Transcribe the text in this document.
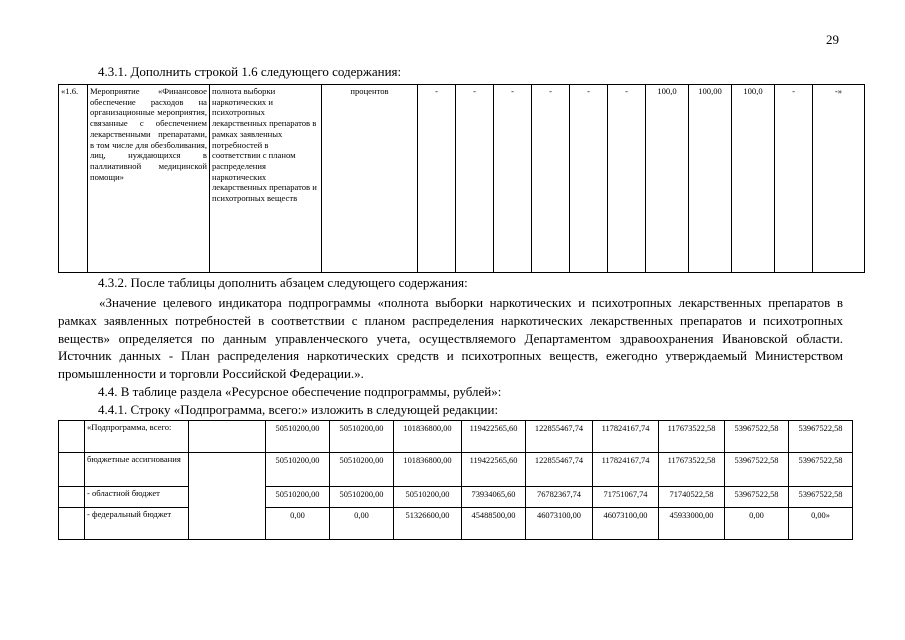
29
4.3.1. Дополнить строкой 1.6 следующего содержания:
«1.6.	Мероприятие «Финансовое обеспечение расходов на организационные мероприятия, связанные с обеспечением лекарственными препаратами, в том числе для обезболивания, лиц, нуждающихся в паллиативной медицинской помощи»	полнота выборки наркотических и психотропных лекарственных препаратов в рамках заявленных потребностей в соответствии с планом распределения наркотических лекарственных препаратов и психотропных веществ	процентов	-	-	-	-	-	-	100,0	100,00	100,0	-	-»
4.3.2. После таблицы дополнить абзацем следующего содержания:
«Значение целевого индикатора подпрограммы «полнота выборки наркотических и психотропных лекарственных препаратов в рамках заявленных потребностей в соответствии с планом распределения наркотических лекарственных препаратов и психотропных веществ» определяется по данным управленческого учета, осуществляемого Департаментом здравоохранения Ивановской области. Источник данных - План распределения наркотических средств и психотропных веществ, ежегодно утверждаемый Министерством промышленности и торговли Российской Федерации.».
4.4. В таблице раздела «Ресурсное обеспечение подпрограммы, рублей»:
4.4.1. Строку «Подпрограмма, всего:» изложить в следующей редакции:
	«Подпрограмма, всего:		50510200,00	50510200,00	101836800,00	119422565,60	122855467,74	117824167,74	117673522,58	53967522,58	53967522,58
	бюджетные ассигнования		50510200,00	50510200,00	101836800,00	119422565,60	122855467,74	117824167,74	117673522,58	53967522,58	53967522,58
	- областной бюджет		50510200,00	50510200,00	50510200,00	73934065,60	76782367,74	71751067,74	71740522,58	53967522,58	53967522,58
	- федеральный бюджет		0,00	0,00	51326600,00	45488500,00	46073100,00	46073100,00	45933000,00	0,00	0,00»
